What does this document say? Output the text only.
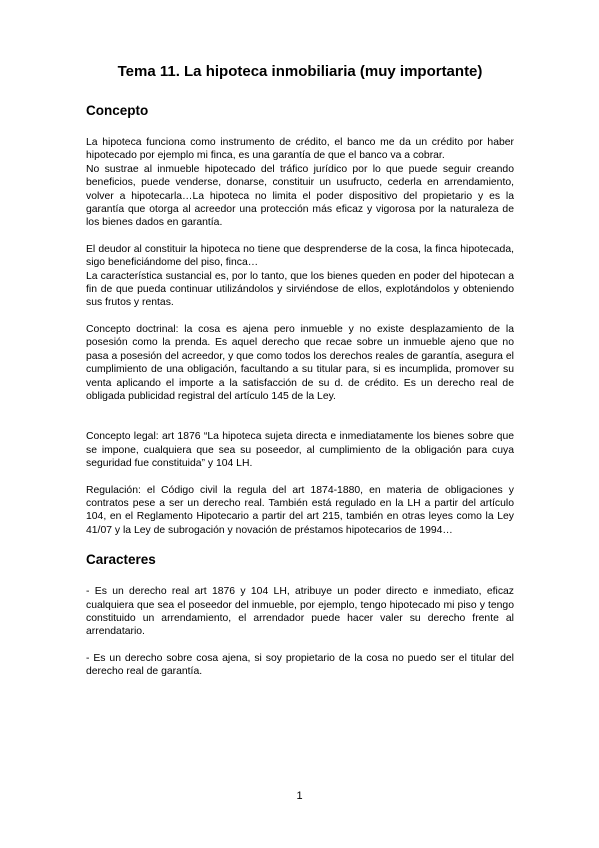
Tema 11. La hipoteca inmobiliaria (muy importante)
Concepto

La hipoteca funciona como instrumento de crédito, el banco me da un crédito por haber hipotecado por ejemplo mi finca, es una garantía de que el banco va a cobrar.

No sustrae al inmueble hipotecado del tráfico jurídico por lo que puede seguir creando beneficios, puede venderse, donarse, constituir un usufructo, cederla en arrendamiento, volver a hipotecarla…La hipoteca no limita el poder dispositivo del propietario y es la garantía que otorga al acreedor una protección más eficaz y vigorosa por la naturaleza de los bienes dados en garantía.

El deudor al constituir la hipoteca no tiene que desprenderse de la cosa, la finca hipotecada, sigo beneficiándome del piso, finca…

La característica sustancial es, por lo tanto, que los bienes queden en poder del hipotecan a fin de que pueda continuar utilizándolos y sirviéndose de ellos, explotándolos y obteniendo sus frutos y rentas.

Concepto doctrinal: la cosa es ajena pero inmueble y no existe desplazamiento de la posesión como la prenda. Es aquel derecho que recae sobre un inmueble ajeno que no pasa a posesión del acreedor, y que como todos los derechos reales de garantía, asegura el cumplimiento de una obligación, facultando a su titular para, si es incumplida, promover su venta aplicando el importe a la satisfacción de su d. de crédito. Es un derecho real de obligada publicidad registral del artículo 145 de la Ley.

Concepto legal: art 1876 “La hipoteca sujeta directa e inmediatamente los bienes sobre que se impone, cualquiera que sea su poseedor, al cumplimiento de la obligación para cuya seguridad fue constituida” y 104 LH.

Regulación: el Código civil la regula del art 1874-1880, en materia de obligaciones y contratos pese a ser un derecho real. También está regulado en la LH a partir del artículo 104, en el Reglamento Hipotecario a partir del art 215, también en otras leyes como la Ley 41/07 y la Ley de subrogación y novación de préstamos hipotecarios de 1994…

Caracteres

- Es un derecho real art 1876 y 104 LH, atribuye un poder directo e inmediato, eficaz cualquiera que sea el poseedor del inmueble, por ejemplo, tengo hipotecado mi piso y tengo constituido un arrendamiento, el arrendador puede hacer valer su derecho frente al arrendatario.

- Es un derecho sobre cosa ajena, si soy propietario de la cosa no puedo ser el titular del derecho real de garantía.

1
